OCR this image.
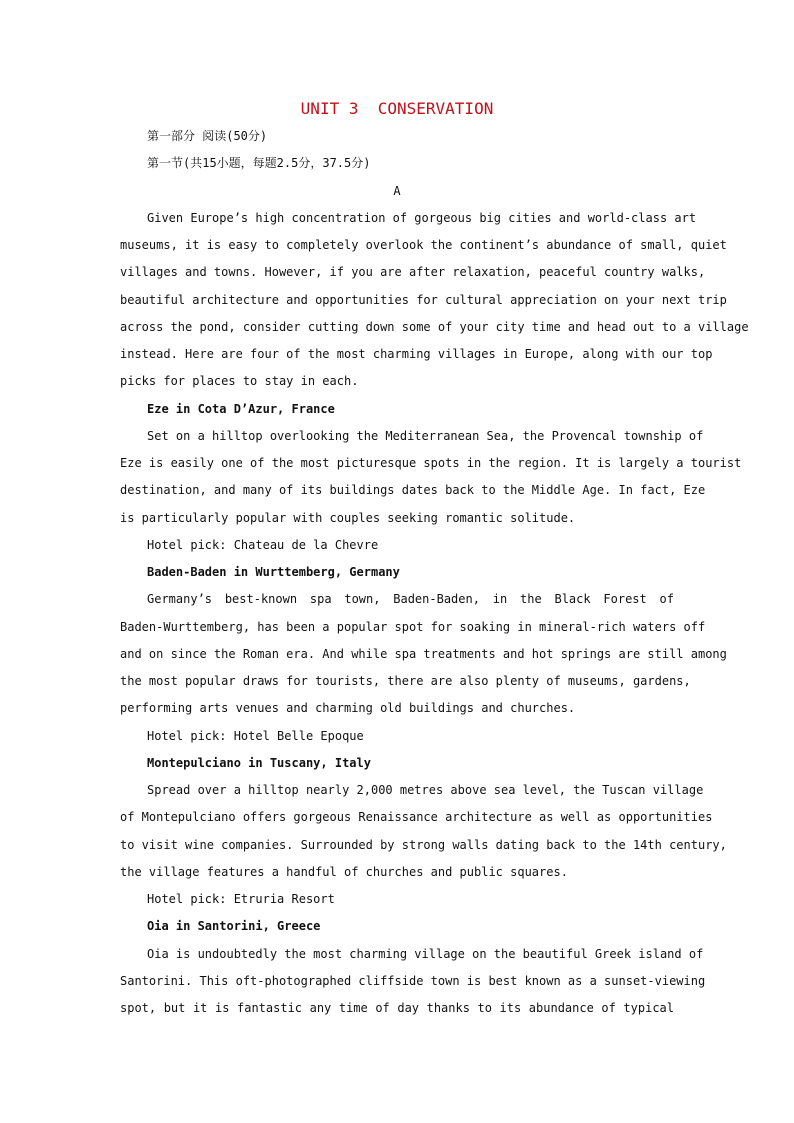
UNIT 3  CONSERVATION
第一部分 阅读(50分)
第一节(共15小题，每题2.5分，37.5分)
A
Given Europe’s high concentration of gorgeous big cities and world-class art
museums, it is easy to completely overlook the continent’s abundance of small, quiet
villages and towns. However, if you are after relaxation, peaceful country walks,
beautiful architecture and opportunities for cultural appreciation on your next trip
across the pond, consider cutting down some of your city time and head out to a village
instead. Here are four of the most charming villages in Europe, along with our top
picks for places to stay in each.
Eze in Cota D’Azur, France
Set on a hilltop overlooking the Mediterranean Sea, the Provencal township of
Eze is easily one of the most picturesque spots in the region. It is largely a tourist
destination, and many of its buildings dates back to the Middle Age. In fact, Eze
is particularly popular with couples seeking romantic solitude.
Hotel pick: Chateau de la Chevre
Baden-Baden in Wurttemberg, Germany
Germany’s best-known spa town, Baden-Baden, in the Black Forest of
Baden-Wurttemberg, has been a popular spot for soaking in mineral-rich waters off
and on since the Roman era. And while spa treatments and hot springs are still among
the most popular draws for tourists, there are also plenty of museums, gardens,
performing arts venues and charming old buildings and churches.
Hotel pick: Hotel Belle Epoque
Montepulciano in Tuscany, Italy
Spread over a hilltop nearly 2,000 metres above sea level, the Tuscan village
of Montepulciano offers gorgeous Renaissance architecture as well as opportunities
to visit wine companies. Surrounded by strong walls dating back to the 14th century,
the village features a handful of churches and public squares.
Hotel pick: Etruria Resort
Oia in Santorini, Greece
Oia is undoubtedly the most charming village on the beautiful Greek island of
Santorini. This oft-photographed cliffside town is best known as a sunset-viewing
spot, but it is fantastic any time of day thanks to its abundance of typical
